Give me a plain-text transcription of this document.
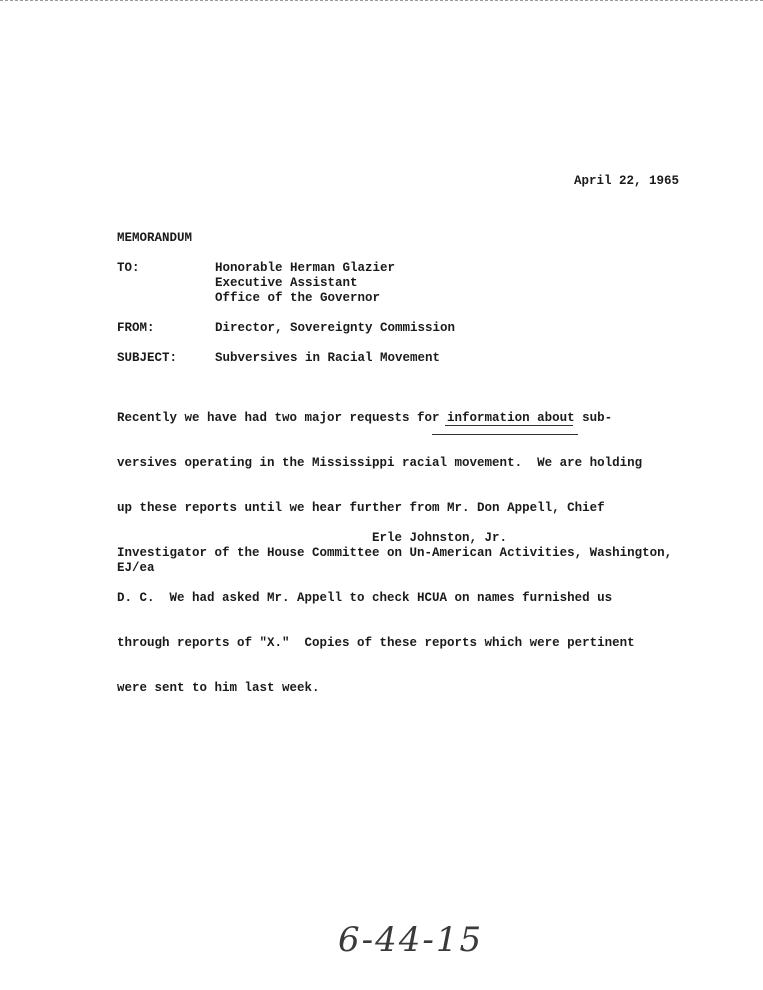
April 22, 1965
MEMORANDUM
TO:	Honorable Herman Glazier
Executive Assistant
Office of the Governor
FROM:	Director, Sovereignty Commission
SUBJECT:	Subversives in Racial Movement

Recently we have had two major requests for information about sub-

versives operating in the Mississippi racial movement.  We are holding

up these reports until we hear further from Mr. Don Appell, Chief

Investigator of the House Committee on Un-American Activities, Washington,

D. C.  We had asked Mr. Appell to check HCUA on names furnished us

through reports of "X."  Copies of these reports which were pertinent

were sent to him last week.

Erle Johnston, Jr.
EJ/ea
6-44-15
